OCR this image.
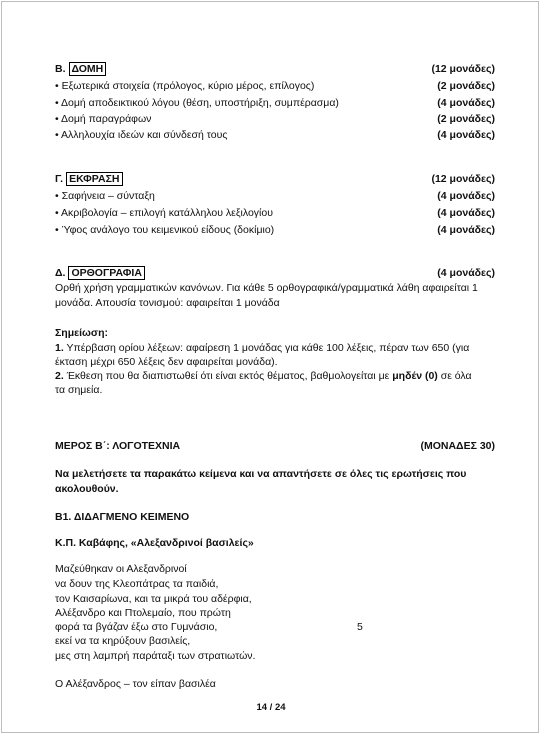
Β. ΔΟΜΗ	(12 μονάδες)
• Εξωτερικά στοιχεία (πρόλογος, κύριο μέρος, επίλογος)	(2 μονάδες)
• Δομή αποδεικτικού λόγου (θέση, υποστήριξη, συμπέρασμα)	(4 μονάδες)
• Δομή παραγράφων	(2 μονάδες)
• Αλληλουχία ιδεών και σύνδεσή τους	(4 μονάδες)
Γ. ΕΚΦΡΑΣΗ	(12 μονάδες)
• Σαφήνεια – σύνταξη	(4 μονάδες)
• Ακριβολογία – επιλογή κατάλληλου λεξιλογίου	(4 μονάδες)
• Ύφος ανάλογο του κειμενικού είδους (δοκίμιο)	(4 μονάδες)
Δ. ΟΡΘΟΓΡΑΦΙΑ	(4 μονάδες)
Ορθή χρήση γραμματικών κανόνων. Για κάθε 5 ορθογραφικά/γραμματικά λάθη αφαιρείται 1
μονάδα. Απουσία τονισμού: αφαιρείται 1 μονάδα
Σημείωση:
1. Υπέρβαση ορίου λέξεων: αφαίρεση 1 μονάδας για κάθε 100 λέξεις, πέραν των 650 (για
έκταση μέχρι 650 λέξεις δεν αφαιρείται μονάδα).
2. Έκθεση που θα διαπιστωθεί ότι είναι εκτός θέματος, βαθμολογείται με μηδέν (0) σε όλα
τα σημεία.
ΜΕΡΟΣ Β΄: ΛΟΓΟΤΕΧΝΙΑ	(ΜΟΝΑΔΕΣ 30)
Να μελετήσετε τα παρακάτω κείμενα και να απαντήσετε σε όλες τις ερωτήσεις που
ακολουθούν.
Β1. ΔΙΔΑΓΜΕΝΟ ΚΕΙΜΕΝΟ
Κ.Π. Καβάφης, «Αλεξανδρινοί βασιλείς»
Μαζεύθηκαν οι Αλεξανδρινοί
να δουν της Κλεοπάτρας τα παιδιά,
τον Καισαρίωνα, και τα μικρά του αδέρφια,
Αλέξανδρο και Πτολεμαίο, που πρώτη
φορά τα βγάζαν έξω στο Γυμνάσιο,	5
εκεί να τα κηρύξουν βασιλείς,
μες στη λαμπρή παράταξι των στρατιωτών.
Ο Αλέξανδρος – τον είπαν βασιλέα
14 / 24
